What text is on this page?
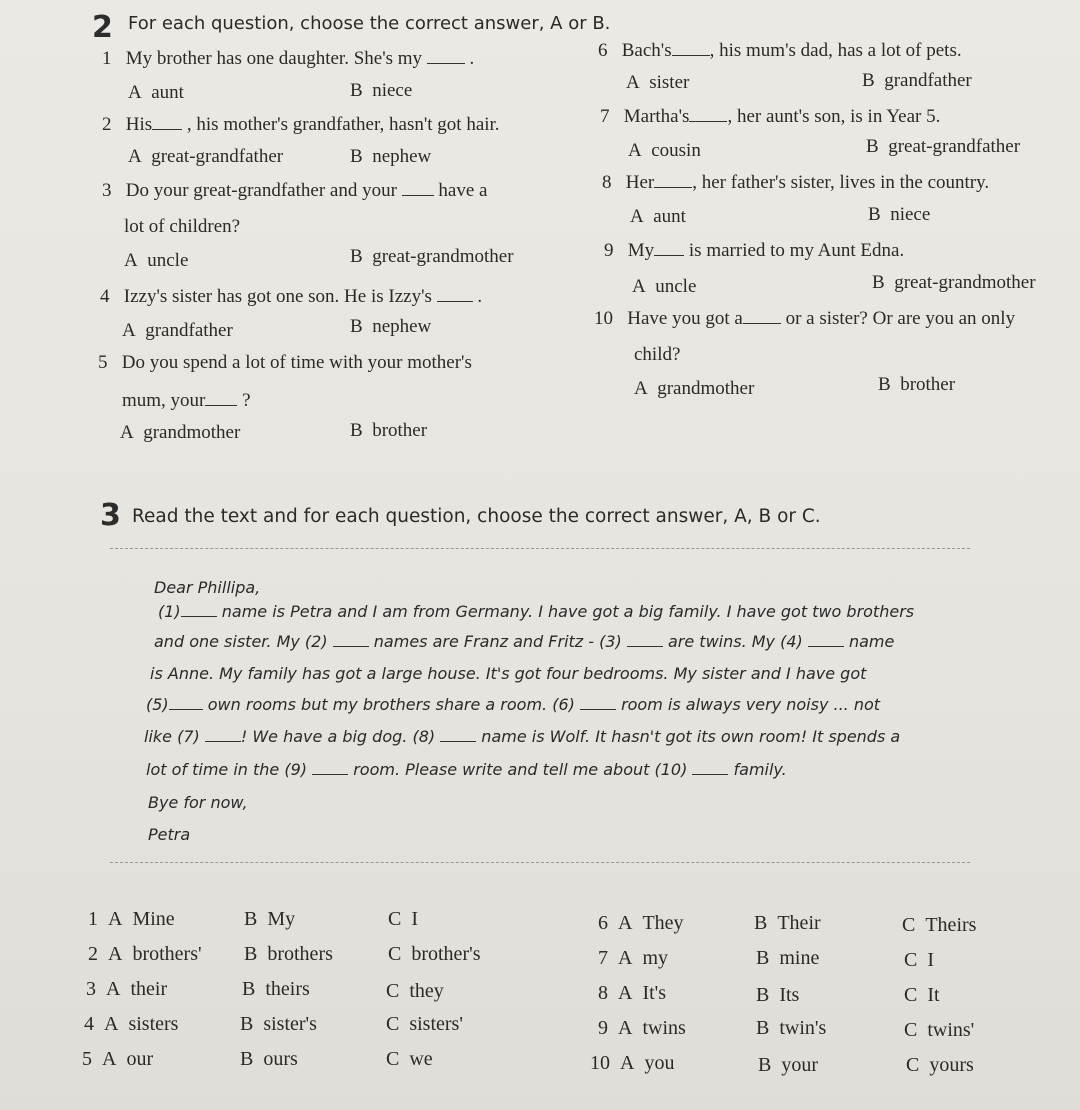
2 For each question, choose the correct answer, A or B.
1 My brother has one daughter. She's my	.
A aunt	B niece
2 His , his mother's grandfather, hasn't got hair.
A great-grandfather	B nephew
3 Do your great-grandfather and your have a
lot of children?
A uncle	B great-grandmother
4 Izzy's sister has got one son. He is Izzy's .
A grandfather	B nephew
5 Do you spend a lot of time with your mother's
mum, your ?
A grandmother	B brother
6 Bach's , his mum's dad, has a lot of pets.
A sister	B grandfather
7 Martha's , her aunt's son, is in Year 5.
A cousin	B great-grandfather
8 Her , her father's sister, lives in the country.
A aunt	B niece
9 My is married to my Aunt Edna.
A uncle	B great-grandmother
10 Have you got a or a sister? Or are you an only
child?
A grandmother	B brother
3 Read the text and for each question, choose the correct answer, A, B or C.
Dear Phillipa,
(1)	name is Petra and I am from Germany. I have got a big family. I have got two brothers
and one sister. My (2)	names are Franz and Fritz - (3)	are twins. My (4)	name
is Anne. My family has got a large house. It's got four bedrooms. My sister and I have got
(5) own rooms but my brothers share a room. (6)	room is always very noisy ... not
like (7)	! We have a big dog. (8)	name is Wolf. It hasn't got its own room! It spends a
lot of time in the (9)	room. Please write and tell me about (10)	family.
Bye for now,
Petra
1 A Mine	B My	C I
2 A brothers' B brothers	C brother's
3 A their	B theirs	C they
4 A sisters	B sister's	C sisters'
5 A our	B ours	C we
6 A They	B Their	C Theirs
7 A my	B mine	C I
8 A It's	B Its	C It
9 A twins	B twin's	C twins'
10 A you	B your	C yours
